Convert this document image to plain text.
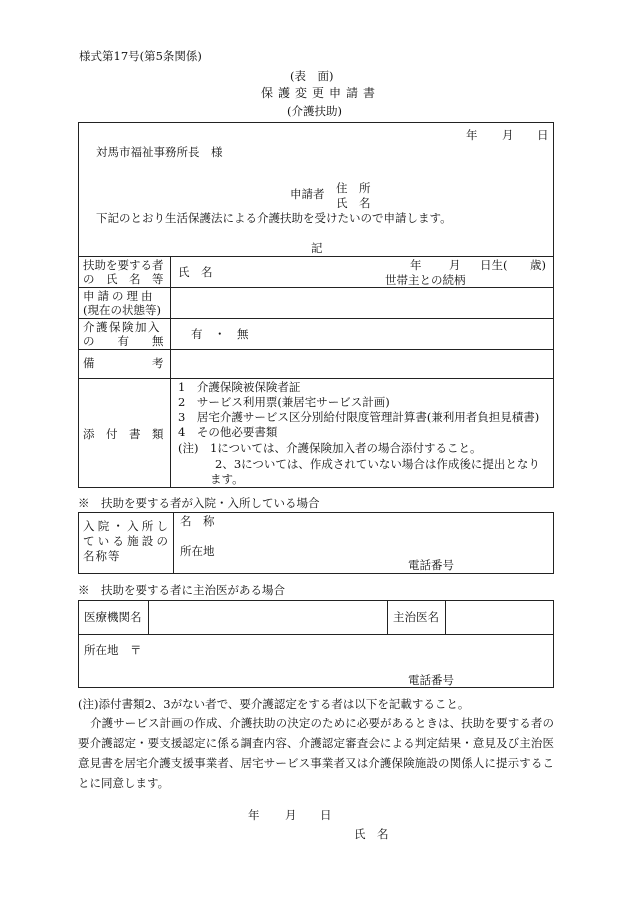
様式第17号(第5条関係)
(表　面)
保護変更申請書
(介護扶助)
年 月 日
対馬市福祉事務所長　様
申請者 住　所
氏　名
下記のとおり生活保護法による介護扶助を受けたいので申請します。
記
扶助を要する者
の　氏　名　等 氏　名	年 月 日生( 歳)
世帯主との続柄
申請の理由
(現在の状態等)
介護保険加入
の　　有　　無 有　・　無
備　　　　　考
添　付　書　類
1　介護保険被保険者証
2　サービス利用票(兼居宅サービス計画)
3　居宅介護サービス区分別給付限度管理計算書(兼利用者負担見積書)
4　その他必要書類
(注)　1については、介護保険加入者の場合添付すること。
2、3については、作成されていない場合は作成後に提出となります。
※　扶助を要する者が入院・入所している場合
入院・入所している施設の名称等
名　称
所在地
電話番号
※　扶助を要する者に主治医がある場合
医療機関名	主治医名
所在地　〒
電話番号
(注)添付書類2、3がない者で、要介護認定をする者は以下を記載すること。
介護サービス計画の作成、介護扶助の決定のために必要があるときは、扶助を要する者の要介護認定・要支援認定に係る調査内容、介護認定審査会による判定結果・意見及び主治医意見書を居宅介護支援事業者、居宅サービス事業者又は介護保険施設の関係人に提示することに同意します。
年 月 日
氏　名
